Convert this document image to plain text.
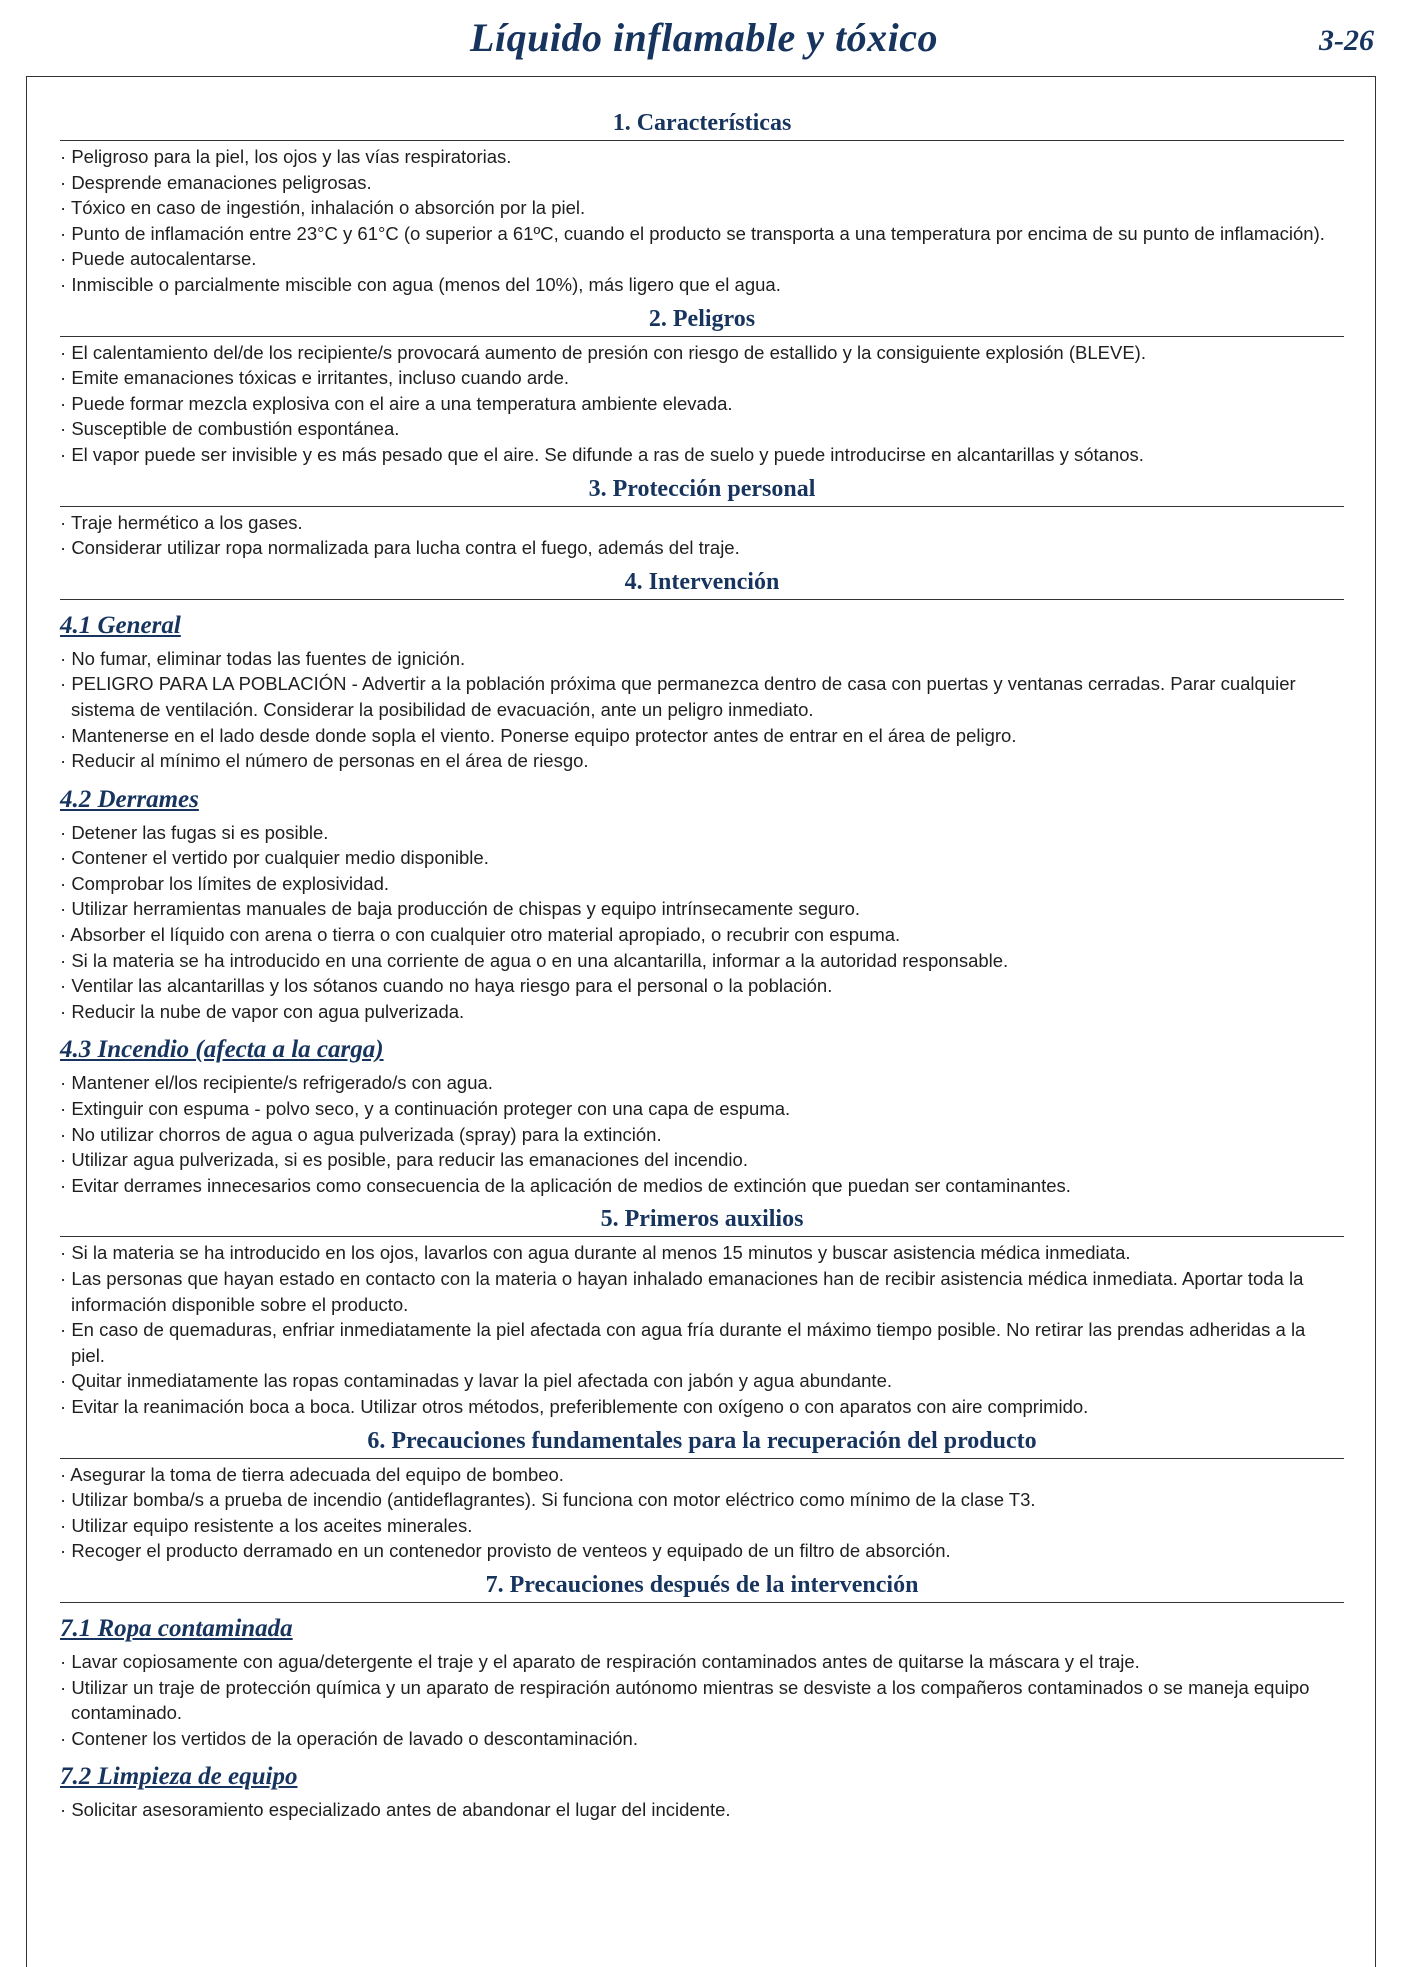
Líquido inflamable y tóxico	3-26
1. Características
· Peligroso para la piel, los ojos y las vías respiratorias.
· Desprende emanaciones peligrosas.
· Tóxico en caso de ingestión, inhalación o absorción por la piel.
· Punto de inflamación entre 23°C y 61°C (o superior a 61ºC, cuando el producto se transporta a una temperatura por encima de su punto de inflamación).
· Puede autocalentarse.
· Inmiscible o parcialmente miscible con agua (menos del 10%), más ligero que el agua.
2. Peligros
· El calentamiento del/de los recipiente/s provocará aumento de presión con riesgo de estallido y la consiguiente explosión (BLEVE).
· Emite emanaciones tóxicas e irritantes, incluso cuando arde.
· Puede formar mezcla explosiva con el aire a una temperatura ambiente elevada.
· Susceptible de combustión espontánea.
· El vapor puede ser invisible y es más pesado que el aire. Se difunde a ras de suelo y puede introducirse en alcantarillas y sótanos.
3. Protección personal
· Traje hermético a los gases.
· Considerar utilizar ropa normalizada para lucha contra el fuego, además del traje.
4. Intervención
4.1 General
· No fumar, eliminar todas las fuentes de ignición.
· PELIGRO PARA LA POBLACIÓN - Advertir a la población próxima que permanezca dentro de casa con puertas y ventanas cerradas. Parar cualquier sistema de ventilación. Considerar la posibilidad de evacuación, ante un peligro inmediato.
· Mantenerse en el lado desde donde sopla el viento. Ponerse equipo protector antes de entrar en el área de peligro.
· Reducir al mínimo el número de personas en el área de riesgo.
4.2 Derrames
· Detener las fugas si es posible.
· Contener el vertido por cualquier medio disponible.
· Comprobar los límites de explosividad.
· Utilizar herramientas manuales de baja producción de chispas y equipo intrínsecamente seguro.
· Absorber el líquido con arena o tierra o con cualquier otro material apropiado, o recubrir con espuma.
· Si la materia se ha introducido en una corriente de agua o en una alcantarilla, informar a la autoridad responsable.
· Ventilar las alcantarillas y los sótanos cuando no haya riesgo para el personal o la población.
· Reducir la nube de vapor con agua pulverizada.
4.3 Incendio (afecta a la carga)
· Mantener el/los recipiente/s refrigerado/s con agua.
· Extinguir con espuma - polvo seco, y a continuación proteger con una capa de espuma.
· No utilizar chorros de agua o agua pulverizada (spray) para la extinción.
· Utilizar agua pulverizada, si es posible, para reducir las emanaciones del incendio.
· Evitar derrames innecesarios como consecuencia de la aplicación de medios de extinción que puedan ser contaminantes.
5. Primeros auxilios
· Si la materia se ha introducido en los ojos, lavarlos con agua durante al menos 15 minutos y buscar asistencia médica inmediata.
· Las personas que hayan estado en contacto con la materia o hayan inhalado emanaciones han de recibir asistencia médica inmediata. Aportar toda la información disponible sobre el producto.
· En caso de quemaduras, enfriar inmediatamente la piel afectada con agua fría durante el máximo tiempo posible. No retirar las prendas adheridas a la piel.
· Quitar inmediatamente las ropas contaminadas y lavar la piel afectada con jabón y agua abundante.
· Evitar la reanimación boca a boca. Utilizar otros métodos, preferiblemente con oxígeno o con aparatos con aire comprimido.
6. Precauciones fundamentales para la recuperación del producto
· Asegurar la toma de tierra adecuada del equipo de bombeo.
· Utilizar bomba/s a prueba de incendio (antideflagrantes). Si funciona con motor eléctrico como mínimo de la clase T3.
· Utilizar equipo resistente a los aceites minerales.
· Recoger el producto derramado en un contenedor provisto de venteos y equipado de un filtro de absorción.
7. Precauciones después de la intervención
7.1 Ropa contaminada
· Lavar copiosamente con agua/detergente el traje y el aparato de respiración contaminados antes de quitarse la máscara y el traje.
· Utilizar un traje de protección química y un aparato de respiración autónomo mientras se desviste a los compañeros contaminados o se maneja equipo contaminado.
· Contener los vertidos de la operación de lavado o descontaminación.
7.2 Limpieza de equipo
· Solicitar asesoramiento especializado antes de abandonar el lugar del incidente.
